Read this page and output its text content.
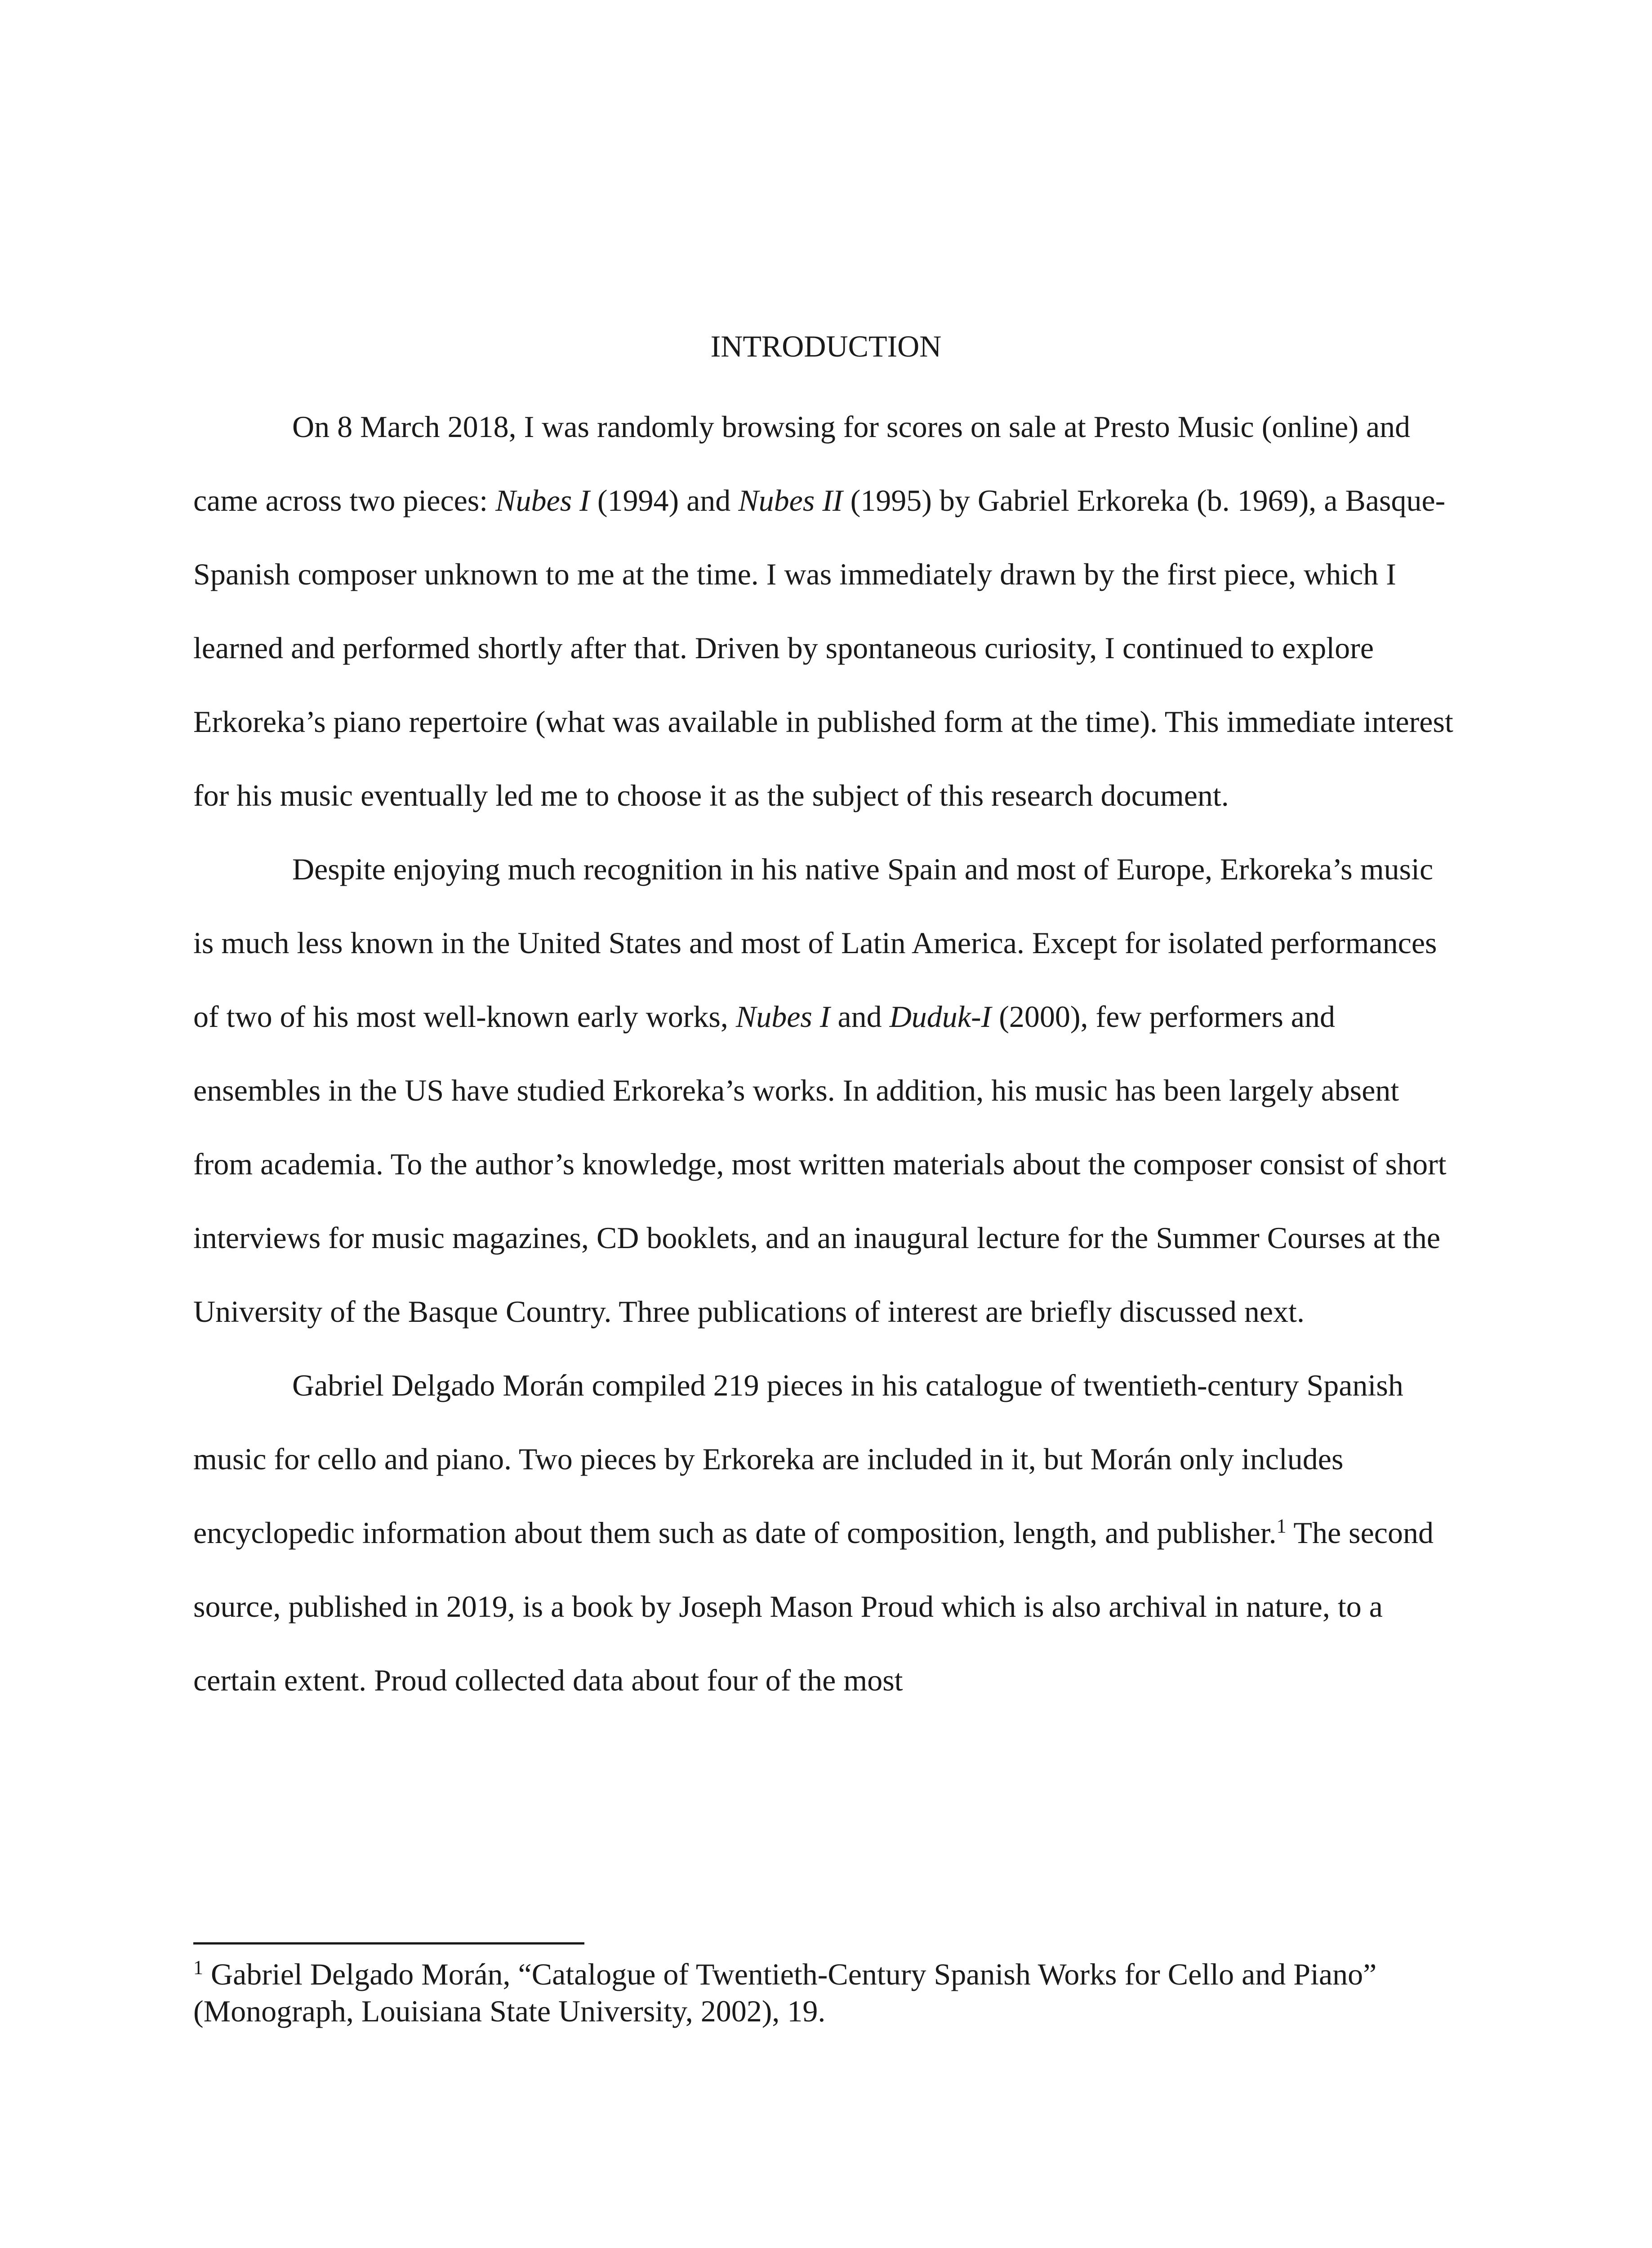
INTRODUCTION

On 8 March 2018, I was randomly browsing for scores on sale at Presto Music (online) and came across two pieces: Nubes I (1994) and Nubes II (1995) by Gabriel Erkoreka (b. 1969), a Basque-Spanish composer unknown to me at the time. I was immediately drawn by the first piece, which I learned and performed shortly after that. Driven by spontaneous curiosity, I continued to explore Erkoreka’s piano repertoire (what was available in published form at the time). This immediate interest for his music eventually led me to choose it as the subject of this research document.

Despite enjoying much recognition in his native Spain and most of Europe, Erkoreka’s music is much less known in the United States and most of Latin America. Except for isolated performances of two of his most well-known early works, Nubes I and Duduk-I (2000), few performers and ensembles in the US have studied Erkoreka’s works. In addition, his music has been largely absent from academia. To the author’s knowledge, most written materials about the composer consist of short interviews for music magazines, CD booklets, and an inaugural lecture for the Summer Courses at the University of the Basque Country. Three publications of interest are briefly discussed next.

Gabriel Delgado Morán compiled 219 pieces in his catalogue of twentieth-century Spanish music for cello and piano. Two pieces by Erkoreka are included in it, but Morán only includes encyclopedic information about them such as date of composition, length, and publisher.$^1$ The second source, published in 2019, is a book by Joseph Mason Proud which is also archival in nature, to a certain extent. Proud collected data about four of the most

$^1$ Gabriel Delgado Morán, “Catalogue of Twentieth-Century Spanish Works for Cello and Piano” (Monograph, Louisiana State University, 2002), 19.
